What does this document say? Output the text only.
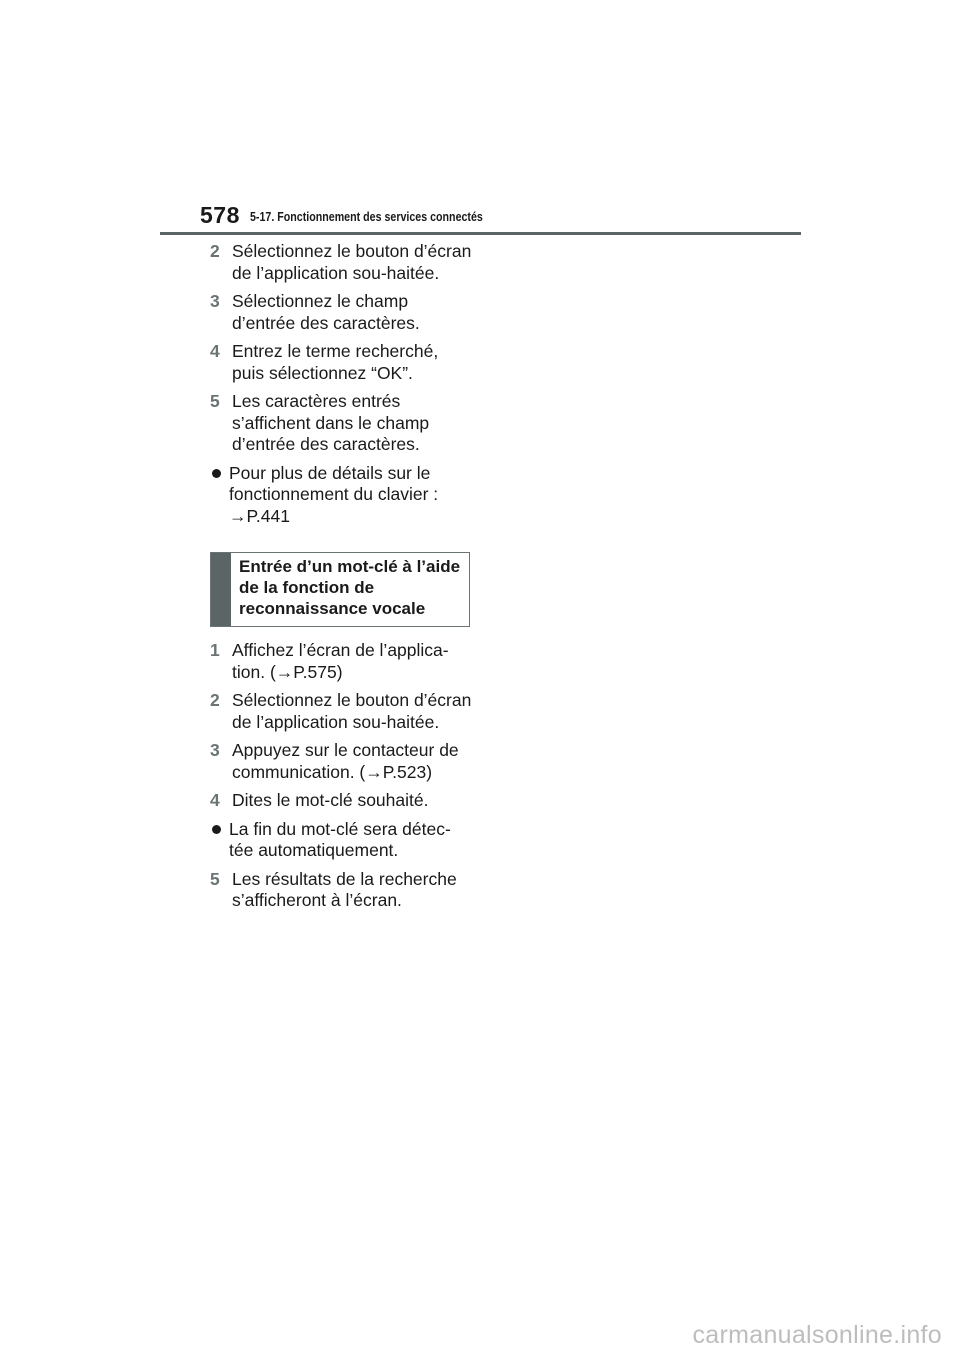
578 5-17. Fonctionnement des services connectés
2 Sélectionnez le bouton d’écran de l’application sou-haitée.
3 Sélectionnez le champ d’entrée des caractères.
4 Entrez le terme recherché, puis sélectionnez “OK”.
5 Les caractères entrés s’affichent dans le champ d’entrée des caractères.
Pour plus de détails sur le fonctionnement du clavier : →P.441
Entrée d’un mot-clé à l’aide de la fonction de reconnaissance vocale
1 Affichez l’écran de l’applica-tion. (→P.575)
2 Sélectionnez le bouton d’écran de l’application sou-haitée.
3 Appuyez sur le contacteur de communication. (→P.523)
4 Dites le mot-clé souhaité.
La fin du mot-clé sera détec-tée automatiquement.
5 Les résultats de la recherche s’afficheront à l’écran.
carmanualsonline.info
